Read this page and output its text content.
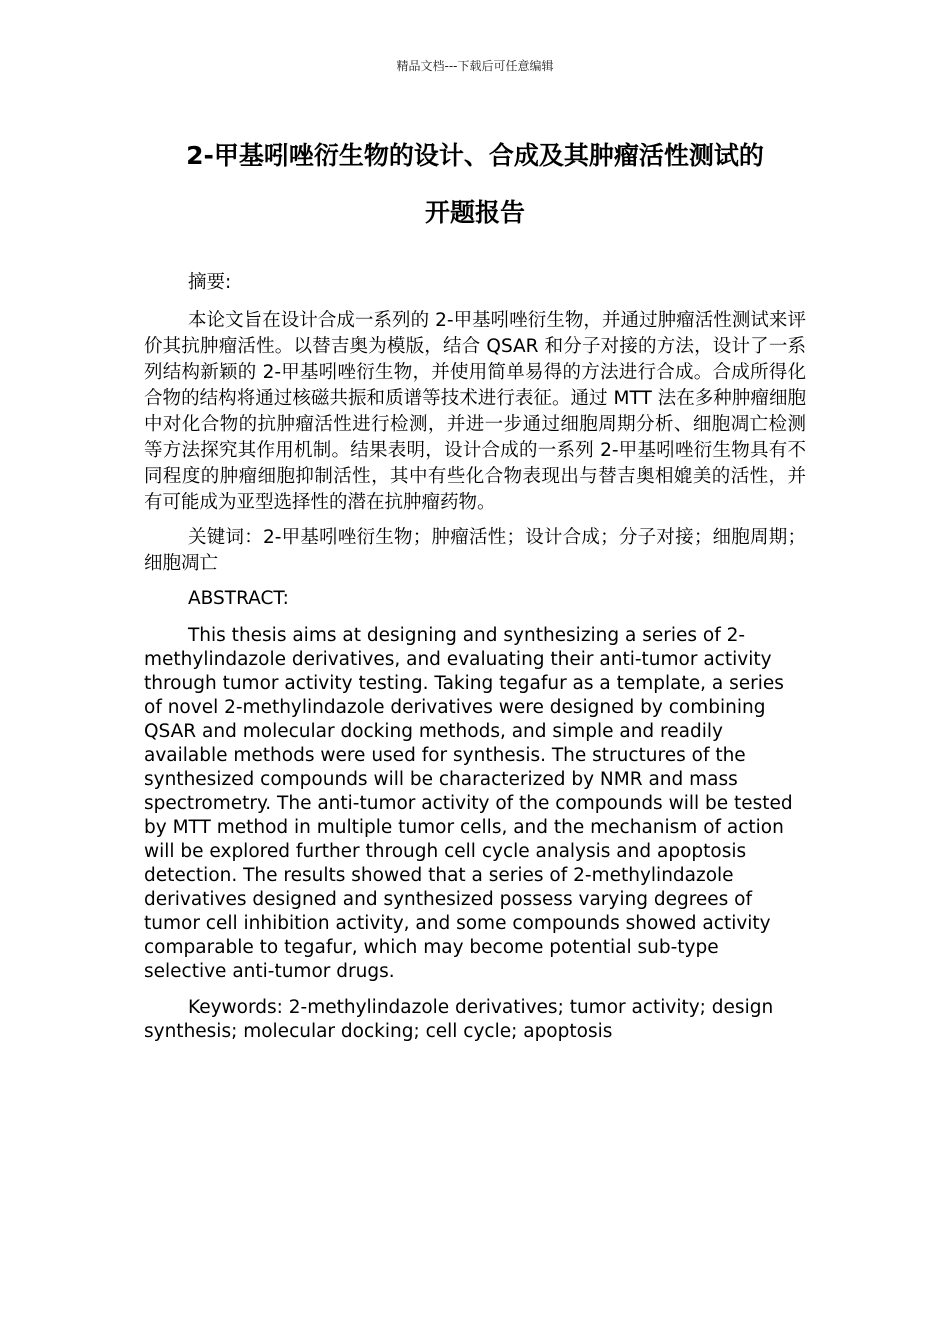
精品文档---下载后可任意编辑
2-甲基吲唑衍生物的设计、合成及其肿瘤活性测试的
开题报告

摘要:

本论文旨在设计合成一系列的 2-甲基吲唑衍生物，并通过肿瘤活性测试来评价其抗肿瘤活性。以替吉奥为模版，结合 QSAR 和分子对接的方法，设计了一系列结构新颖的 2-甲基吲唑衍生物，并使用简单易得的方法进行合成。合成所得化合物的结构将通过核磁共振和质谱等技术进行表征。通过 MTT 法在多种肿瘤细胞中对化合物的抗肿瘤活性进行检测，并进一步通过细胞周期分析、细胞凋亡检测等方法探究其作用机制。结果表明，设计合成的一系列 2-甲基吲唑衍生物具有不同程度的肿瘤细胞抑制活性，其中有些化合物表现出与替吉奥相媲美的活性，并有可能成为亚型选择性的潜在抗肿瘤药物。

关键词：2-甲基吲唑衍生物；肿瘤活性；设计合成；分子对接；细胞周期；细胞凋亡

ABSTRACT:

This thesis aims at designing and synthesizing a series of 2-methylindazole derivatives, and evaluating their anti-tumor activity through tumor activity testing. Taking tegafur as a template, a series of novel 2-methylindazole derivatives were designed by combining QSAR and molecular docking methods, and simple and readily available methods were used for synthesis. The structures of the synthesized compounds will be characterized by NMR and mass spectrometry. The anti-tumor activity of the compounds will be tested by MTT method in multiple tumor cells, and the mechanism of action will be explored further through cell cycle analysis and apoptosis detection. The results showed that a series of 2-methylindazole derivatives designed and synthesized possess varying degrees of tumor cell inhibition activity, and some compounds showed activity comparable to tegafur, which may become potential sub-type selective anti-tumor drugs.

Keywords: 2-methylindazole derivatives; tumor activity; design synthesis; molecular docking; cell cycle; apoptosis
